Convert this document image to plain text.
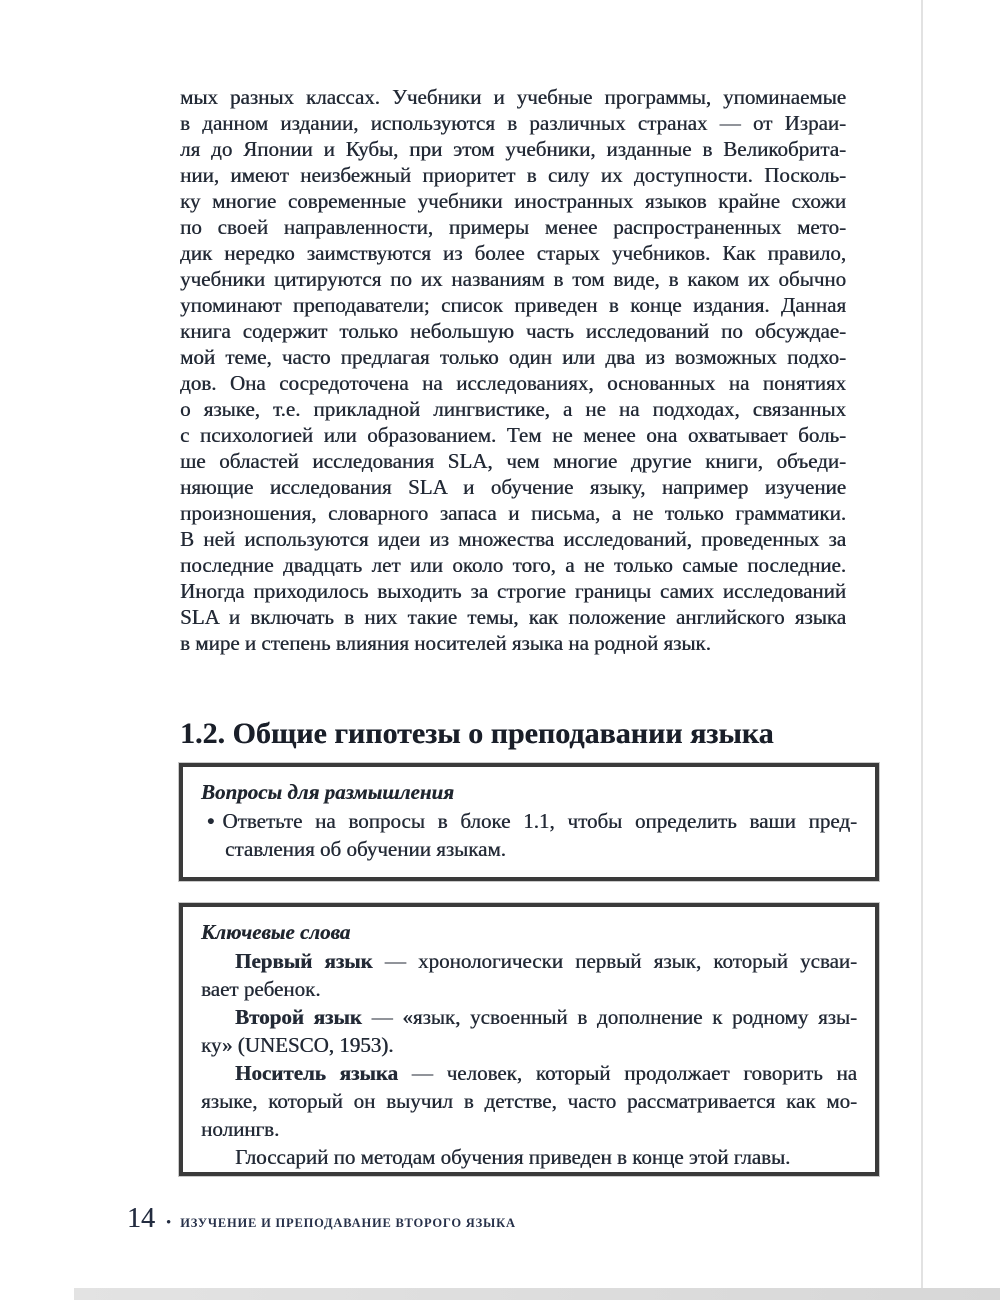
мых разных классах. Учебники и учебные программы, упоминаемые
в данном издании, используются в различных странах — от Израи-
ля до Японии и Кубы, при этом учебники, изданные в Великобрита-
нии, имеют неизбежный приоритет в силу их доступности. Посколь-
ку многие современные учебники иностранных языков крайне схожи
по своей направленности, примеры менее распространенных мето-
дик нередко заимствуются из более старых учебников. Как правило,
учебники цитируются по их названиям в том виде, в каком их обычно
упоминают преподаватели; список приведен в конце издания. Данная
книга содержит только небольшую часть исследований по обсуждае-
мой теме, часто предлагая только один или два из возможных подхо-
дов. Она сосредоточена на исследованиях, основанных на понятиях
о языке, т.е. прикладной лингвистике, а не на подходах, связанных
с психологией или образованием. Тем не менее она охватывает боль-
ше областей исследования SLA, чем многие другие книги, объеди-
няющие исследования SLA и обучение языку, например изучение
произношения, словарного запаса и письма, а не только грамматики.
В ней используются идеи из множества исследований, проведенных за
последние двадцать лет или около того, а не только самые последние.
Иногда приходилось выходить за строгие границы самих исследований
SLA и включать в них такие темы, как положение английского языка
в мире и степень влияния носителей языка на родной язык.
1.2. Общие гипотезы о преподавании языка
Вопросы для размышления
• Ответьте на вопросы в блоке 1.1, чтобы определить ваши пред-
ставления об обучении языкам.
Ключевые слова
Первый язык — хронологически первый язык, который усваи-
вает ребенок.
Второй язык — «язык, усвоенный в дополнение к родному язы-
ку» (UNESCO, 1953).
Носитель языка — человек, который продолжает говорить на
языке, который он выучил в детстве, часто рассматривается как мо-
нолингв.
Глоссарий по методам обучения приведен в конце этой главы.
14 • ИЗУЧЕНИЕ И ПРЕПОДАВАНИЕ ВТОРОГО ЯЗЫКА
